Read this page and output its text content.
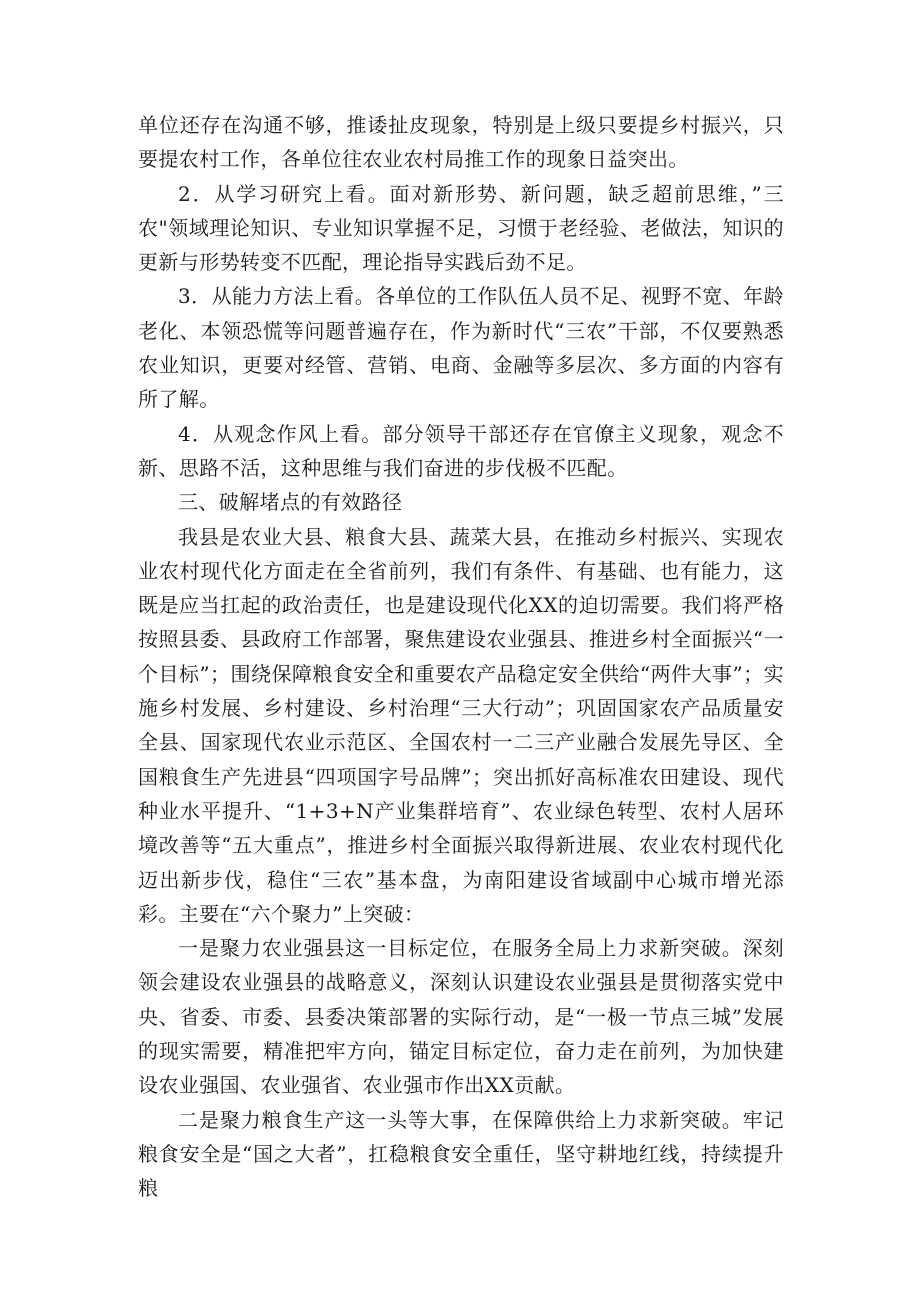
单位还存在沟通不够，推诿扯皮现象，特别是上级只要提乡村振兴，只要提农村工作，各单位往农业农村局推工作的现象日益突出。

2．从学习研究上看。面对新形势、新问题，缺乏超前思维，”三农"领域理论知识、专业知识掌握不足，习惯于老经验、老做法，知识的更新与形势转变不匹配，理论指导实践后劲不足。

3．从能力方法上看。各单位的工作队伍人员不足、视野不宽、年龄老化、本领恐慌等问题普遍存在，作为新时代“三农”干部，不仅要熟悉农业知识，更要对经管、营销、电商、金融等多层次、多方面的内容有所了解。

4．从观念作风上看。部分领导干部还存在官僚主义现象，观念不新、思路不活，这种思维与我们奋进的步伐极不匹配。

三、破解堵点的有效路径

我县是农业大县、粮食大县、蔬菜大县，在推动乡村振兴、实现农业农村现代化方面走在全省前列，我们有条件、有基础、也有能力，这既是应当扛起的政治责任，也是建设现代化XX的迫切需要。我们将严格按照县委、县政府工作部署，聚焦建设农业强县、推进乡村全面振兴“一个目标”；围绕保障粮食安全和重要农产品稳定安全供给“两件大事”；实施乡村发展、乡村建设、乡村治理“三大行动”；巩固国家农产品质量安全县、国家现代农业示范区、全国农村一二三产业融合发展先导区、全国粮食生产先进县“四项国字号品牌”；突出抓好高标准农田建设、现代种业水平提升、“1+3+N产业集群培育”、农业绿色转型、农村人居环境改善等“五大重点”，推进乡村全面振兴取得新进展、农业农村现代化迈出新步伐，稳住“三农”基本盘，为南阳建设省域副中心城市增光添彩。主要在“六个聚力”上突破：

一是聚力农业强县这一目标定位，在服务全局上力求新突破。深刻领会建设农业强县的战略意义，深刻认识建设农业强县是贯彻落实党中央、省委、市委、县委决策部署的实际行动，是“一极一节点三城”发展的现实需要，精准把牢方向，锚定目标定位，奋力走在前列，为加快建设农业强国、农业强省、农业强市作出XX贡献。

二是聚力粮食生产这一头等大事，在保障供给上力求新突破。牢记粮食安全是“国之大者”，扛稳粮食安全重任，坚守耕地红线，持续提升粮
